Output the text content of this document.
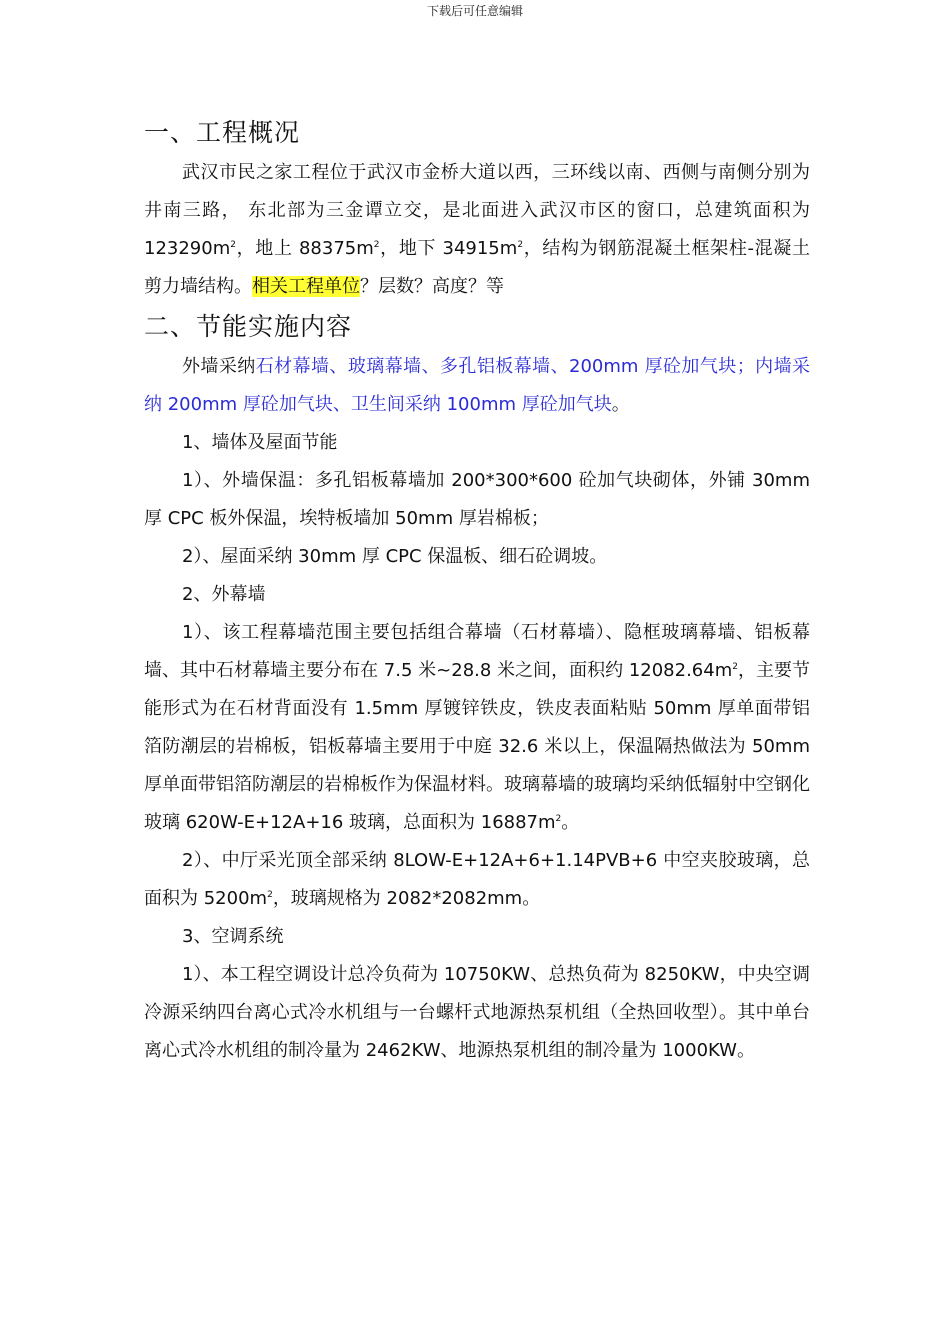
下载后可任意编辑
一、工程概况

武汉市民之家工程位于武汉市金桥大道以西，三环线以南、西侧与南侧分别为井南三路， 东北部为三金谭立交，是北面进入武汉市区的窗口，总建筑面积为 $123290m^2$，地上 $88375m^2$，地下 $34915m^2$，结构为钢筋混凝土框架柱-混凝土剪力墙结构。相关工程单位？层数？高度？等

二、节能实施内容

外墙采纳石材幕墙、玻璃幕墙、多孔铝板幕墙、200mm 厚砼加气块；内墙采纳 200mm 厚砼加气块、卫生间采纳 100mm 厚砼加气块。

1、墙体及屋面节能

1）、外墙保温：多孔铝板幕墙加 200*300*600 砼加气块砌体，外铺 30mm 厚 CPC 板外保温，埃特板墙加 50mm 厚岩棉板；

2）、屋面采纳 30mm 厚 CPC 保温板、细石砼调坡。

2、外幕墙

1）、该工程幕墙范围主要包括组合幕墙（石材幕墙）、隐框玻璃幕墙、铝板幕墙、其中石材幕墙主要分布在 7.5 米~28.8 米之间，面积约 $12082.64m^2$，主要节能形式为在石材背面没有 1.5mm 厚镀锌铁皮，铁皮表面粘贴 50mm 厚单面带铝箔防潮层的岩棉板，铝板幕墙主要用于中庭 32.6 米以上，保温隔热做法为 50mm 厚单面带铝箔防潮层的岩棉板作为保温材料。玻璃幕墙的玻璃均采纳低辐射中空钢化玻璃 620W-E+12A+16 玻璃，总面积为 $16887m^2$。

2）、中厅采光顶全部采纳 8LOW-E+12A+6+1.14PVB+6 中空夹胶玻璃，总面积为 $5200m^2$，玻璃规格为 2082*2082mm。

3、空调系统

1）、本工程空调设计总冷负荷为 10750KW、总热负荷为 8250KW，中央空调冷源采纳四台离心式冷水机组与一台螺杆式地源热泵机组（全热回收型）。其中单台离心式冷水机组的制冷量为 2462KW、地源热泵机组的制冷量为 1000KW。
